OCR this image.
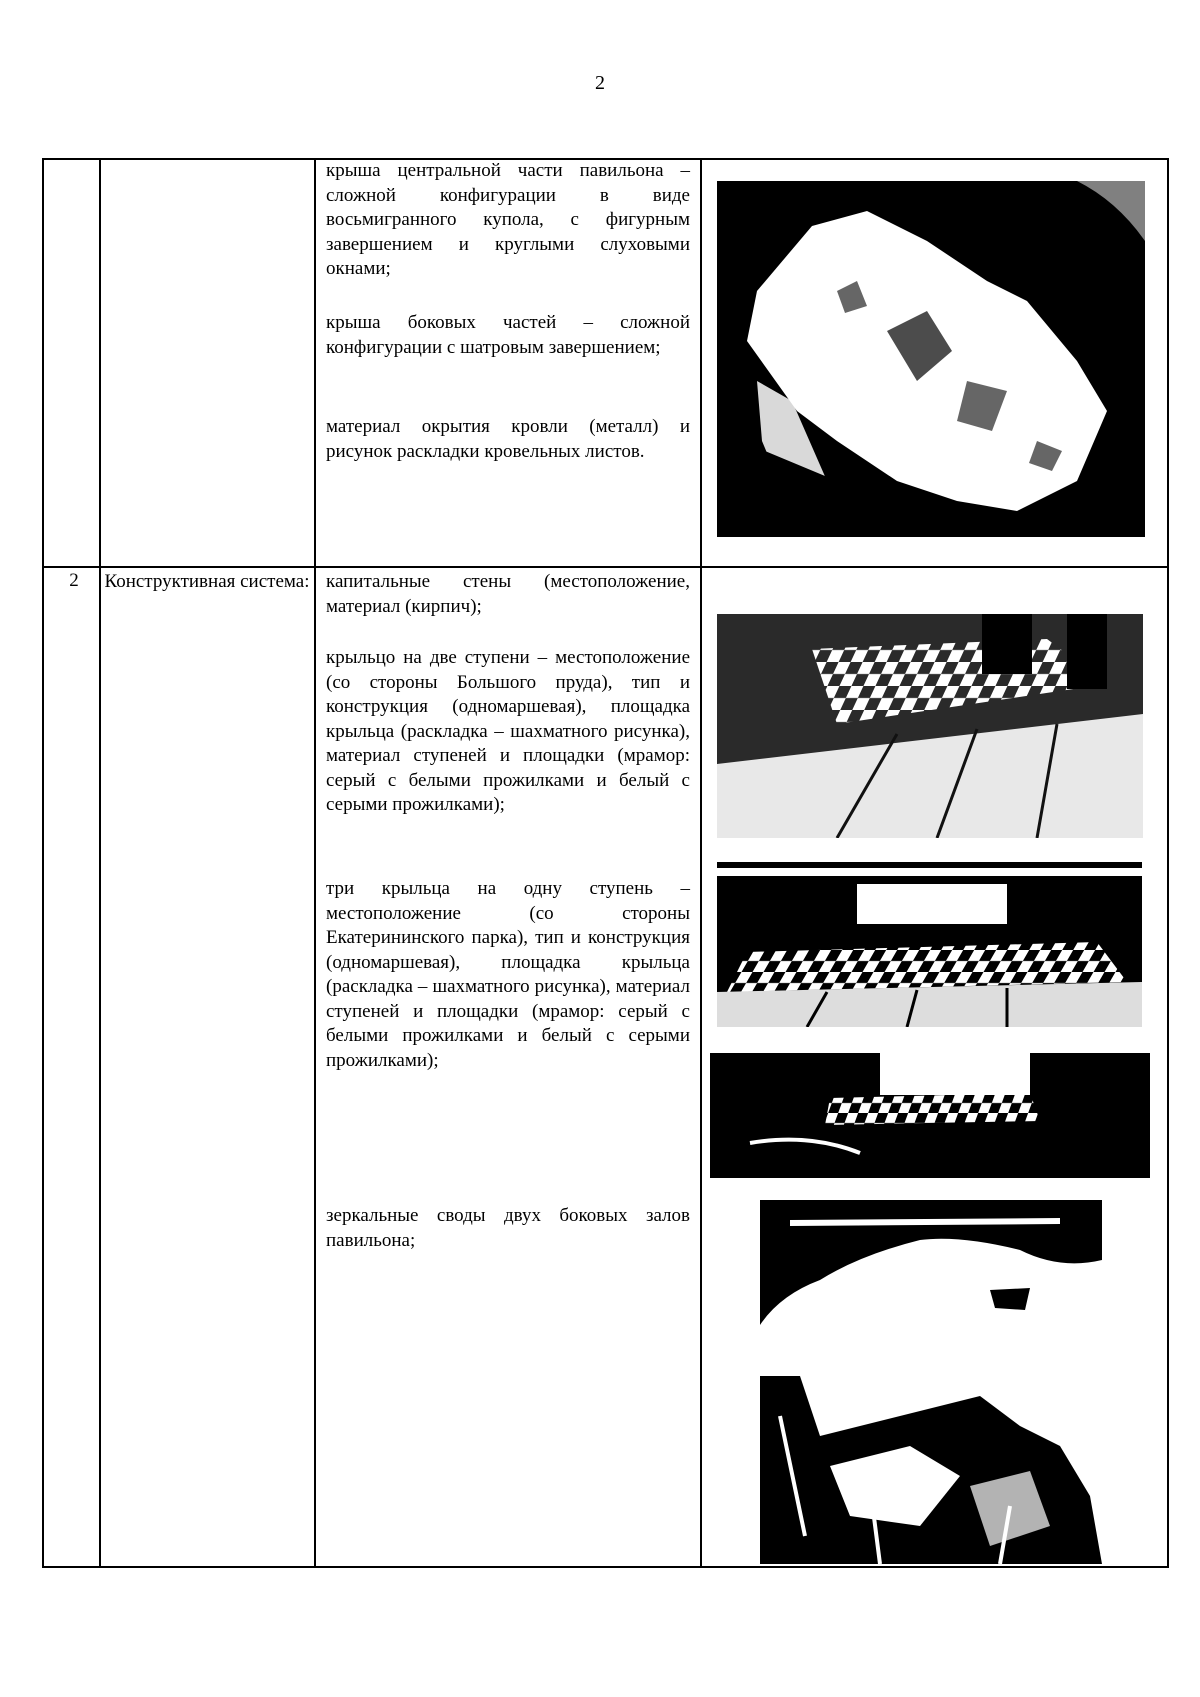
2
2	Конструктивная система:
крыша центральной части павильона – сложной конфигурации в виде восьмигранного купола, с фигурным завершением и круглыми слуховыми окнами;
крыша боковых частей – сложной конфигурации с шатровым завершением;
материал окрытия кровли (металл) и рисунок раскладки кровельных листов.
капитальные стены (местоположение, материал (кирпич);
крыльцо на две ступени – местоположение (со стороны Большого пруда), тип и конструкция (одномаршевая), площадка крыльца (раскладка – шахматного рисунка), материал ступеней и площадки (мрамор: серый с белыми прожилками и белый с серыми прожилками);
три крыльца на одну ступень – местоположение (со стороны Екатерининского парка), тип и конструкция (одномаршевая), площадка крыльца (раскладка – шахматного рисунка), материал ступеней и площадки (мрамор: серый с белыми прожилками и белый с серыми прожилками);
зеркальные своды двух боковых залов павильона;
